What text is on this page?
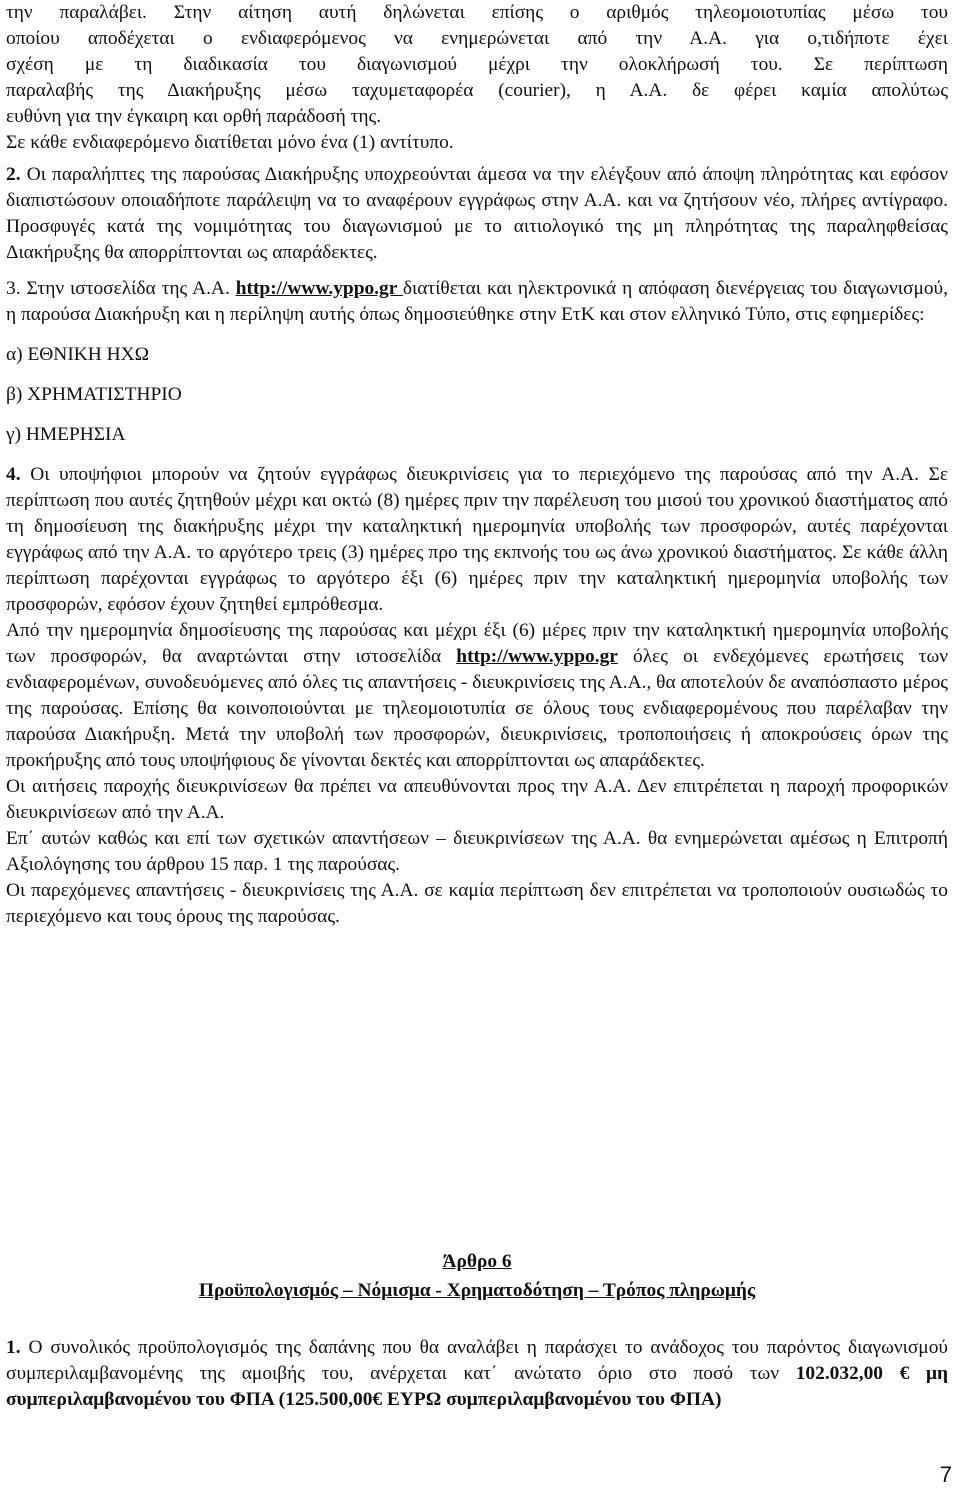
την παραλάβει. Στην αίτηση αυτή δηλώνεται επίσης ο αριθμός τηλεομοιοτυπίας μέσω του

οποίου αποδέχεται ο ενδιαφερόμενος να ενημερώνεται από την Α.Α. για ο,τιδήποτε έχει

σχέση με τη διαδικασία του διαγωνισμού μέχρι την ολοκλήρωσή του. Σε περίπτωση

παραλαβής της Διακήρυξης μέσω ταχυμεταφορέα (courier), η Α.Α. δε φέρει καμία απολύτως

ευθύνη για την έγκαιρη και ορθή παράδοσή της.

Σε κάθε ενδιαφερόμενο διατίθεται μόνο ένα (1) αντίτυπο.

2. Οι παραλήπτες της παρούσας Διακήρυξης υποχρεούνται άμεσα να την ελέγξουν από άποψη πληρότητας και εφόσον διαπιστώσουν οποιαδήποτε παράλειψη να το αναφέρουν εγγράφως στην Α.Α. και να ζητήσουν νέο, πλήρες αντίγραφο. Προσφυγές κατά της νομιμότητας του διαγωνισμού με το αιτιολογικό της μη πληρότητας της παραληφθείσας Διακήρυξης θα απορρίπτονται ως απαράδεκτες.

3. Στην ιστοσελίδα της Α.Α. http://www.yppo.gr διατίθεται και ηλεκτρονικά η απόφαση διενέργειας του διαγωνισμού, η παρούσα Διακήρυξη και η περίληψη αυτής όπως δημοσιεύθηκε στην ΕτΚ και στον ελληνικό Τύπο, στις εφημερίδες:

α) ΕΘΝΙΚΗ ΗΧΩ

β) ΧΡΗΜΑΤΙΣΤΗΡΙΟ

γ) ΗΜΕΡΗΣΙΑ

4. Οι υποψήφιοι μπορούν να ζητούν εγγράφως διευκρινίσεις για το περιεχόμενο της παρούσας από την Α.Α. Σε περίπτωση που αυτές ζητηθούν μέχρι και οκτώ (8) ημέρες πριν την παρέλευση του μισού του χρονικού διαστήματος από τη δημοσίευση της διακήρυξης μέχρι την καταληκτική ημερομηνία υποβολής των προσφορών, αυτές παρέχονται εγγράφως από την Α.Α. το αργότερο τρεις (3) ημέρες προ της εκπνοής του ως άνω χρονικού διαστήματος. Σε κάθε άλλη περίπτωση παρέχονται εγγράφως το αργότερο έξι (6) ημέρες πριν την καταληκτική ημερομηνία υποβολής των προσφορών, εφόσον έχουν ζητηθεί εμπρόθεσμα.

Από την ημερομηνία δημοσίευσης της παρούσας και μέχρι έξι (6) μέρες πριν την καταληκτική ημερομηνία υποβολής των προσφορών, θα αναρτώνται στην ιστοσελίδα http://www.yppo.gr όλες οι ενδεχόμενες ερωτήσεις των ενδιαφερομένων, συνοδευόμενες από όλες τις απαντήσεις - διευκρινίσεις της Α.Α., θα αποτελούν δε αναπόσπαστο μέρος της παρούσας. Επίσης θα κοινοποιούνται με τηλεομοιοτυπία σε όλους τους ενδιαφερομένους που παρέλαβαν την παρούσα Διακήρυξη. Μετά την υποβολή των προσφορών, διευκρινίσεις, τροποποιήσεις ή αποκρούσεις όρων της προκήρυξης από τους υποψήφιους δε γίνονται δεκτές και απορρίπτονται ως απαράδεκτες.

Οι αιτήσεις παροχής διευκρινίσεων θα πρέπει να απευθύνονται προς την Α.Α. Δεν επιτρέπεται η παροχή προφορικών διευκρινίσεων από την Α.Α.

Επ΄ αυτών καθώς και επί των σχετικών απαντήσεων – διευκρινίσεων της Α.Α. θα ενημερώνεται αμέσως η Επιτροπή Αξιολόγησης του άρθρου 15 παρ. 1 της παρούσας.

Οι παρεχόμενες απαντήσεις - διευκρινίσεις της Α.Α. σε καμία περίπτωση δεν επιτρέπεται να τροποποιούν ουσιωδώς το περιεχόμενο και τους όρους της παρούσας.

Άρθρο 6

Προϋπολογισμός – Νόμισμα - Χρηματοδότηση – Τρόπος πληρωμής

1. Ο συνολικός προϋπολογισμός της δαπάνης που θα αναλάβει η παράσχει το ανάδοχος του παρόντος διαγωνισμού συμπεριλαμβανομένης της αμοιβής του, ανέρχεται κατ΄ ανώτατο όριο στο ποσό των 102.032,00 € μη συμπεριλαμβανομένου του ΦΠΑ (125.500,00€ ΕΥΡΩ συμπεριλαμβανομένου του ΦΠΑ)

7
